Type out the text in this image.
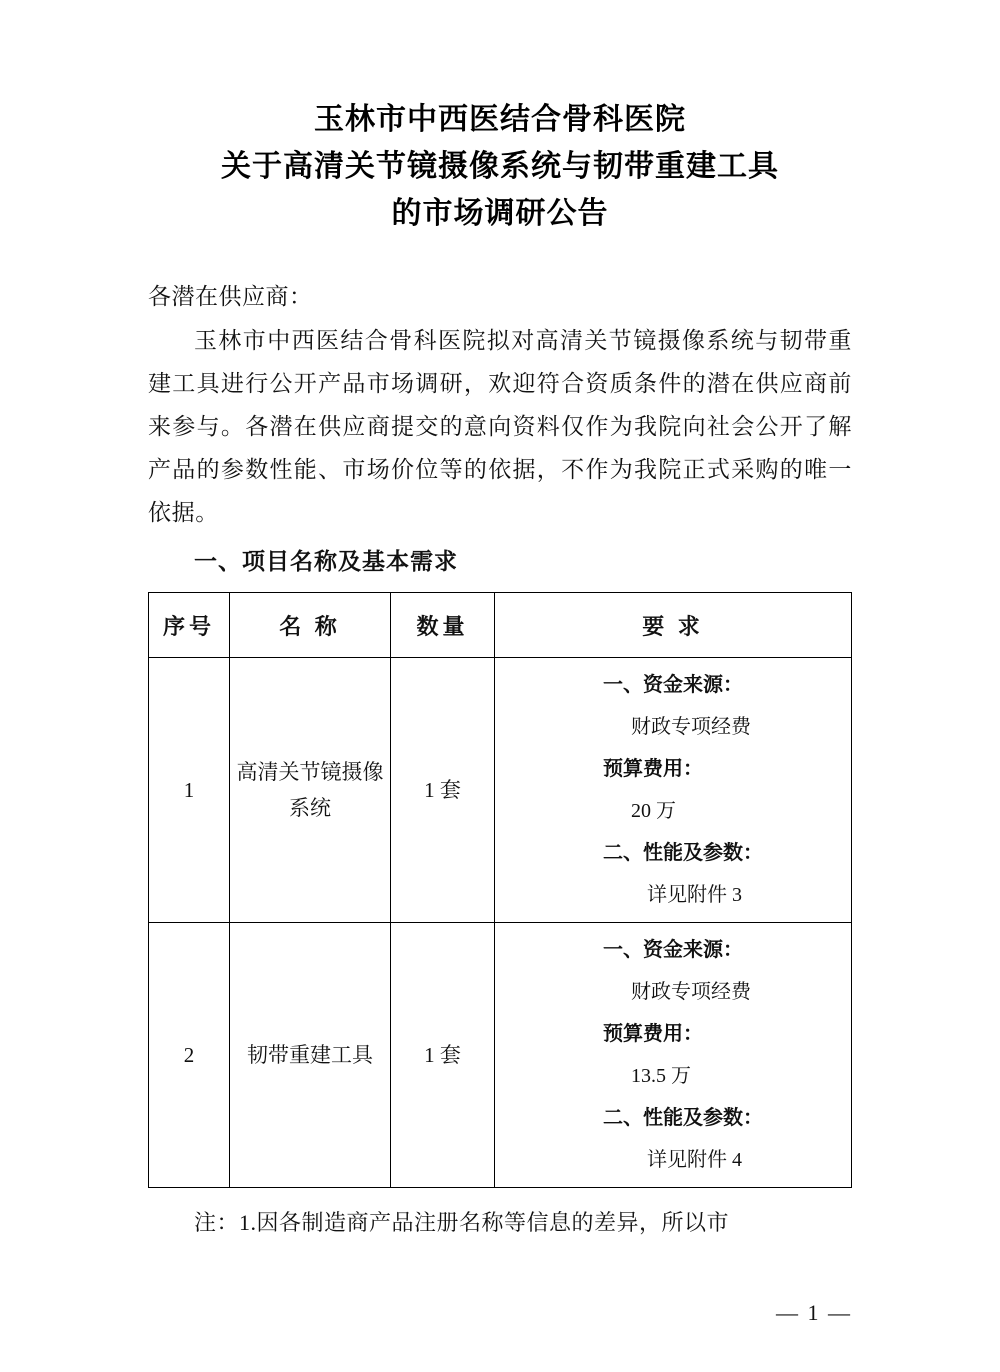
玉林市中西医结合骨科医院
关于高清关节镜摄像系统与韧带重建工具
的市场调研公告

各潜在供应商：

玉林市中西医结合骨科医院拟对高清关节镜摄像系统与韧带重建工具进行公开产品市场调研，欢迎符合资质条件的潜在供应商前来参与。各潜在供应商提交的意向资料仅作为我院向社会公开了解产品的参数性能、市场价位等的依据，不作为我院正式采购的唯一依据。

一、项目名称及基本需求
序号	名 称	数量	要 求
1	高清关节镜摄像系统	1 套	
一、资金来源：
财政专项经费
预算费用：
20 万
二、性能及参数：
详见附件 3

2	韧带重建工具	1 套	
一、资金来源：
财政专项经费
预算费用：
13.5 万
二、性能及参数：
详见附件 4
注：1.因各制造商产品注册名称等信息的差异，所以市
— 1 —
